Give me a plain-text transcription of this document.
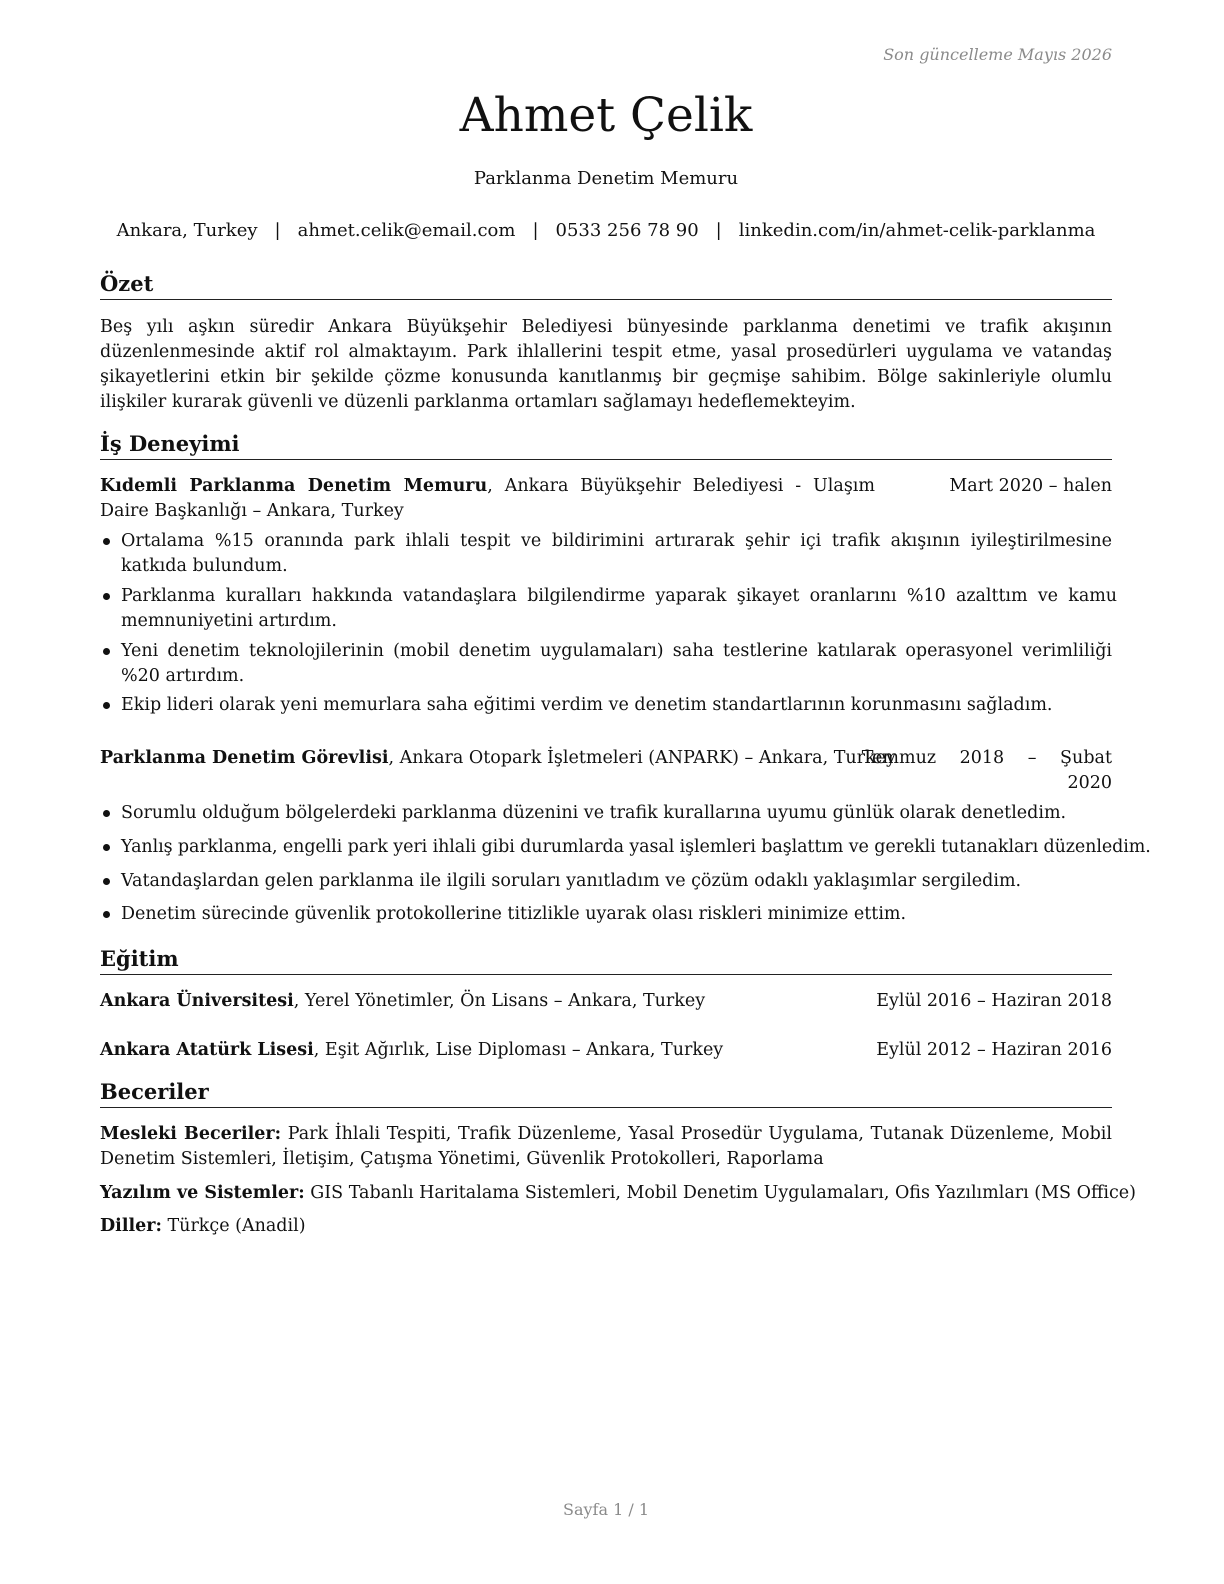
Son güncelleme Mayıs 2026
Ahmet Çelik
Parklanma Denetim Memuru
Ankara, Turkey | ahmet.celik@email.com | 0533 256 78 90 | linkedin.com/in/ahmet-celik-parklanma
Özet

Beş yılı aşkın süredir Ankara Büyükşehir Belediyesi bünyesinde parklanma denetimi ve trafik akışının düzenlenmesinde aktif rol almaktayım. Park ihlallerini tespit etme, yasal prosedürleri uygulama ve vatandaş şikayetlerini etkin bir şekilde çözme konusunda kanıtlanmış bir geçmişe sahibim. Bölge sakinleriyle olumlu ilişkiler kurarak güvenli ve düzenli parklanma ortamları sağlamayı hedeflemekteyim.

İş Deneyimi
Kıdemli Parklanma Denetim Memuru, Ankara Büyükşehir Belediyesi - Ulaşım Daire Başkanlığı – Ankara, Turkey
Mart 2020 – halen
Ortalama %15 oranında park ihlali tespit ve bildirimini artırarak şehir içi trafik akışının iyileştirilmesine katkıda bulundum.
Parklanma kuralları hakkında vatandaşlara bilgilendirme yaparak şikayet oranlarını %10 azalttım ve kamu memnuniyetini artırdım.
Yeni denetim teknolojilerinin (mobil denetim uygulamaları) saha testlerine katılarak operasyonel verimliliği %20 artırdım.
Ekip lideri olarak yeni memurlara saha eğitimi verdim ve denetim standartlarının korunmasını sağladım.
Parklanma Denetim Görevlisi, Ankara Otopark İşletmeleri (ANPARK) – Ankara, Turkey
Temmuz 2018 – Şubat
2020
Sorumlu olduğum bölgelerdeki parklanma düzenini ve trafik kurallarına uyumu günlük olarak denetledim.
Yanlış parklanma, engelli park yeri ihlali gibi durumlarda yasal işlemleri başlattım ve gerekli tutanakları düzenledim.
Vatandaşlardan gelen parklanma ile ilgili soruları yanıtladım ve çözüm odaklı yaklaşımlar sergiledim.
Denetim sürecinde güvenlik protokollerine titizlikle uyarak olası riskleri minimize ettim.
Eğitim
Ankara Üniversitesi, Yerel Yönetimler, Ön Lisans – Ankara, Turkey	Eylül 2016 – Haziran 2018
Ankara Atatürk Lisesi, Eşit Ağırlık, Lise Diploması – Ankara, Turkey	Eylül 2012 – Haziran 2016
Beceriler

Mesleki Beceriler: Park İhlali Tespiti, Trafik Düzenleme, Yasal Prosedür Uygulama, Tutanak Düzenleme, Mobil Denetim Sistemleri, İletişim, Çatışma Yönetimi, Güvenlik Protokolleri, Raporlama

Yazılım ve Sistemler: GIS Tabanlı Haritalama Sistemleri, Mobil Denetim Uygulamaları, Ofis Yazılımları (MS Office)

Diller: Türkçe (Anadil)

Sayfa 1 / 1
